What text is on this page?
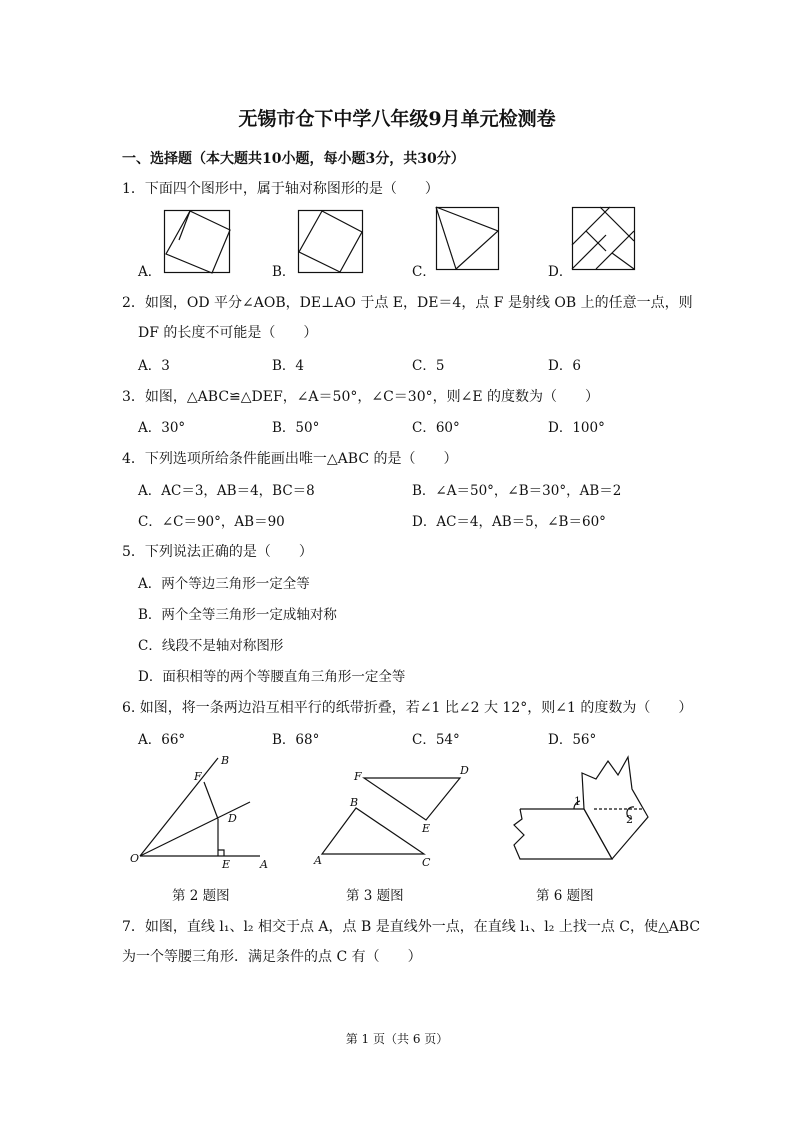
无锡市仓下中学八年级9月单元检测卷
一、选择题（本大题共10小题，每小题3分，共30分）
1．下面四个图形中，属于轴对称图形的是（　　）
A．	B．	C．	D．
2．如图，OD 平分∠AOB，DE⊥AO 于点 E，DE＝4，点 F 是射线 OB 上的任意一点，则
DF 的长度不可能是（　　）
A．3	B．4	C．5	D．6
3．如图，△ABC≌△DEF，∠A＝50°，∠C＝30°，则∠E 的度数为（　　）
A．30°	B．50°	C．60°	D．100°
4．下列选项所给条件能画出唯一△ABC 的是（　　）
A．AC＝3，AB＝4，BC＝8	B．∠A＝50°，∠B＝30°，AB＝2
C．∠C＝90°，AB＝90	D．AC＝4，AB＝5，∠B＝60°
5．下列说法正确的是（　　）
A．两个等边三角形一定全等
B．两个全等三角形一定成轴对称
C．线段不是轴对称图形
D．面积相等的两个等腰直角三角形一定全等
6. 如图，将一条两边沿互相平行的纸带折叠，若∠1 比∠2 大 12°，则∠1 的度数为（　　）
A．66°	B．68°	C．54°	D．56°
B
F
D
O	E	A
F	D
B
E
A	C
1
2
第 2 题图	第 3 题图	第 6 题图
7．如图，直线 l₁、l₂ 相交于点 A，点 B 是直线外一点，在直线 l₁、l₂ 上找一点 C，使△ABC
为一个等腰三角形．满足条件的点 C 有（　　）
第 1 页（共 6 页）
